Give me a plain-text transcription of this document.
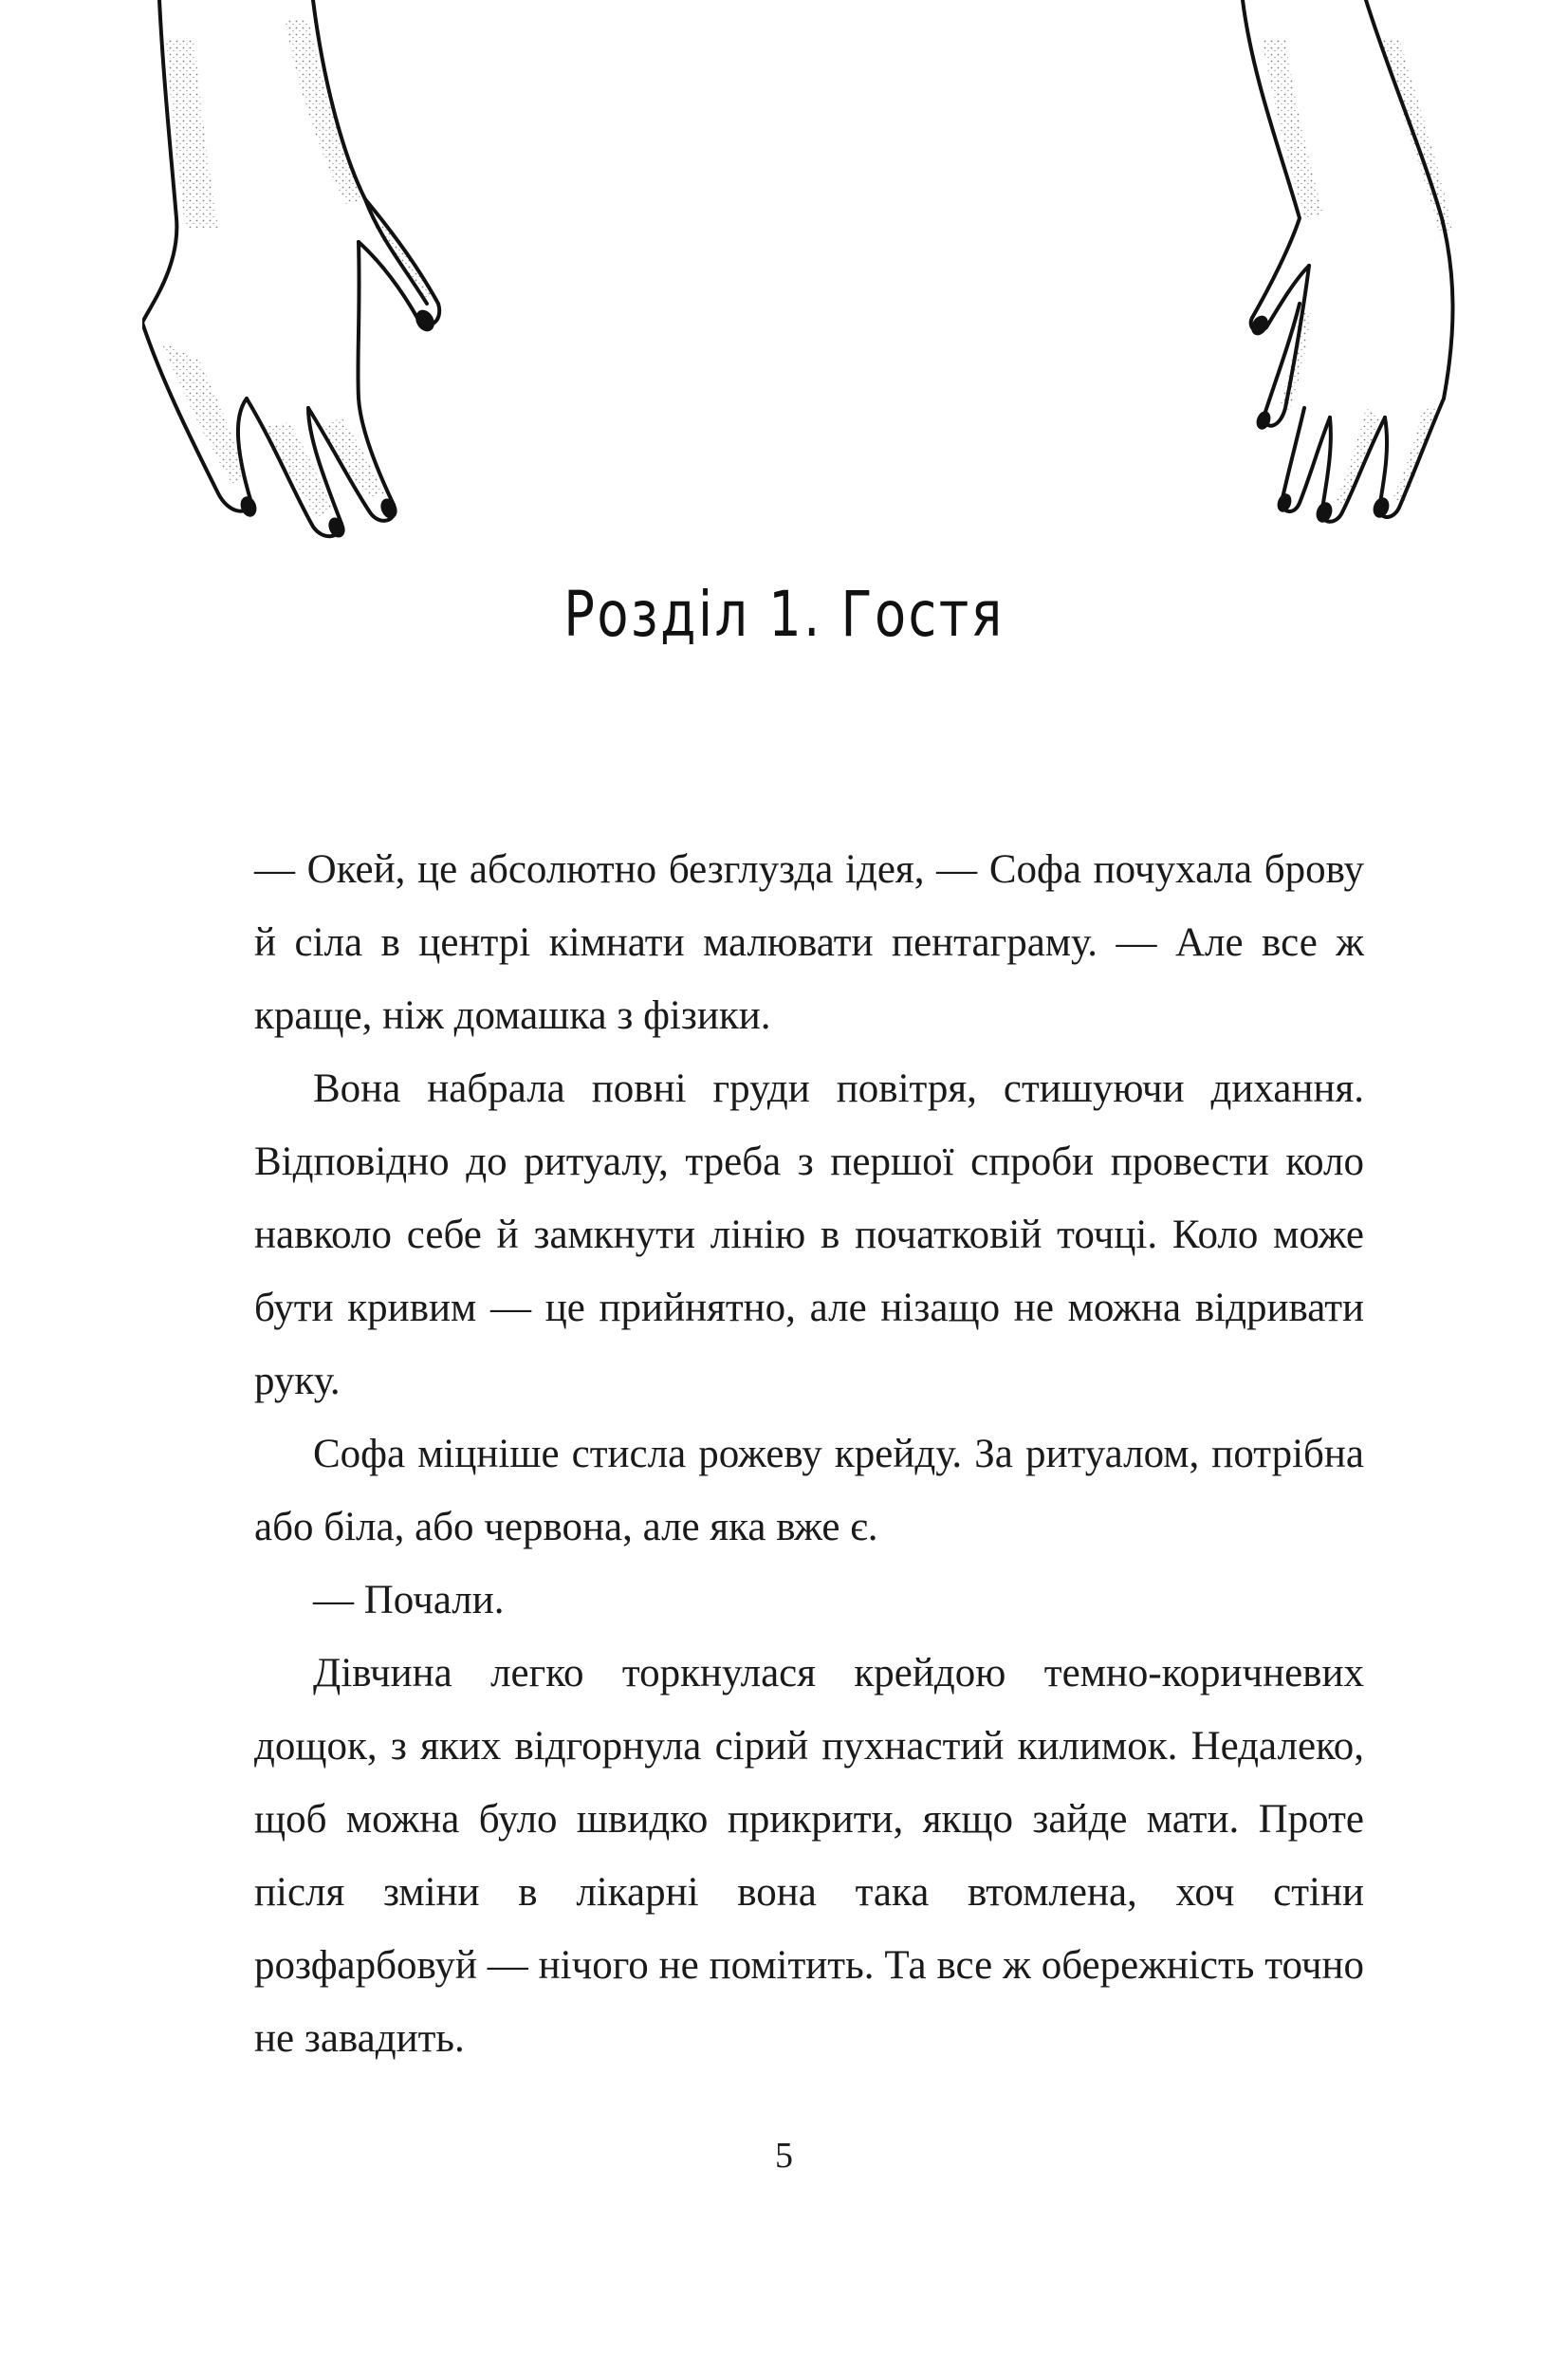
Розділ 1. Гостя

— Окей, це абсолютно безглузда ідея, — Софа почухала брову й сіла в центрі кімнати малювати пентаграму. — Але все ж краще, ніж домашка з фізики.

Вона набрала повні груди повітря, стишуючи дихання. Відповідно до ритуалу, треба з першої спроби провести коло навколо себе й замкнути лінію в початковій точці. Коло може бути кривим — це прийнятно, але нізащо не можна відривати руку.

Софа міцніше стисла рожеву крейду. За ритуалом, потрібна або біла, або червона, але яка вже є.

— Почали.

Дівчина легко торкнулася крейдою темно-коричневих дощок, з яких відгорнула сірий пухнастий килимок. Недалеко, щоб можна було швидко прикрити, якщо зайде мати. Проте після зміни в лікарні вона така втомлена, хоч стіни розфарбовуй — нічого не помітить. Та все ж обережність точно не завадить.

5
